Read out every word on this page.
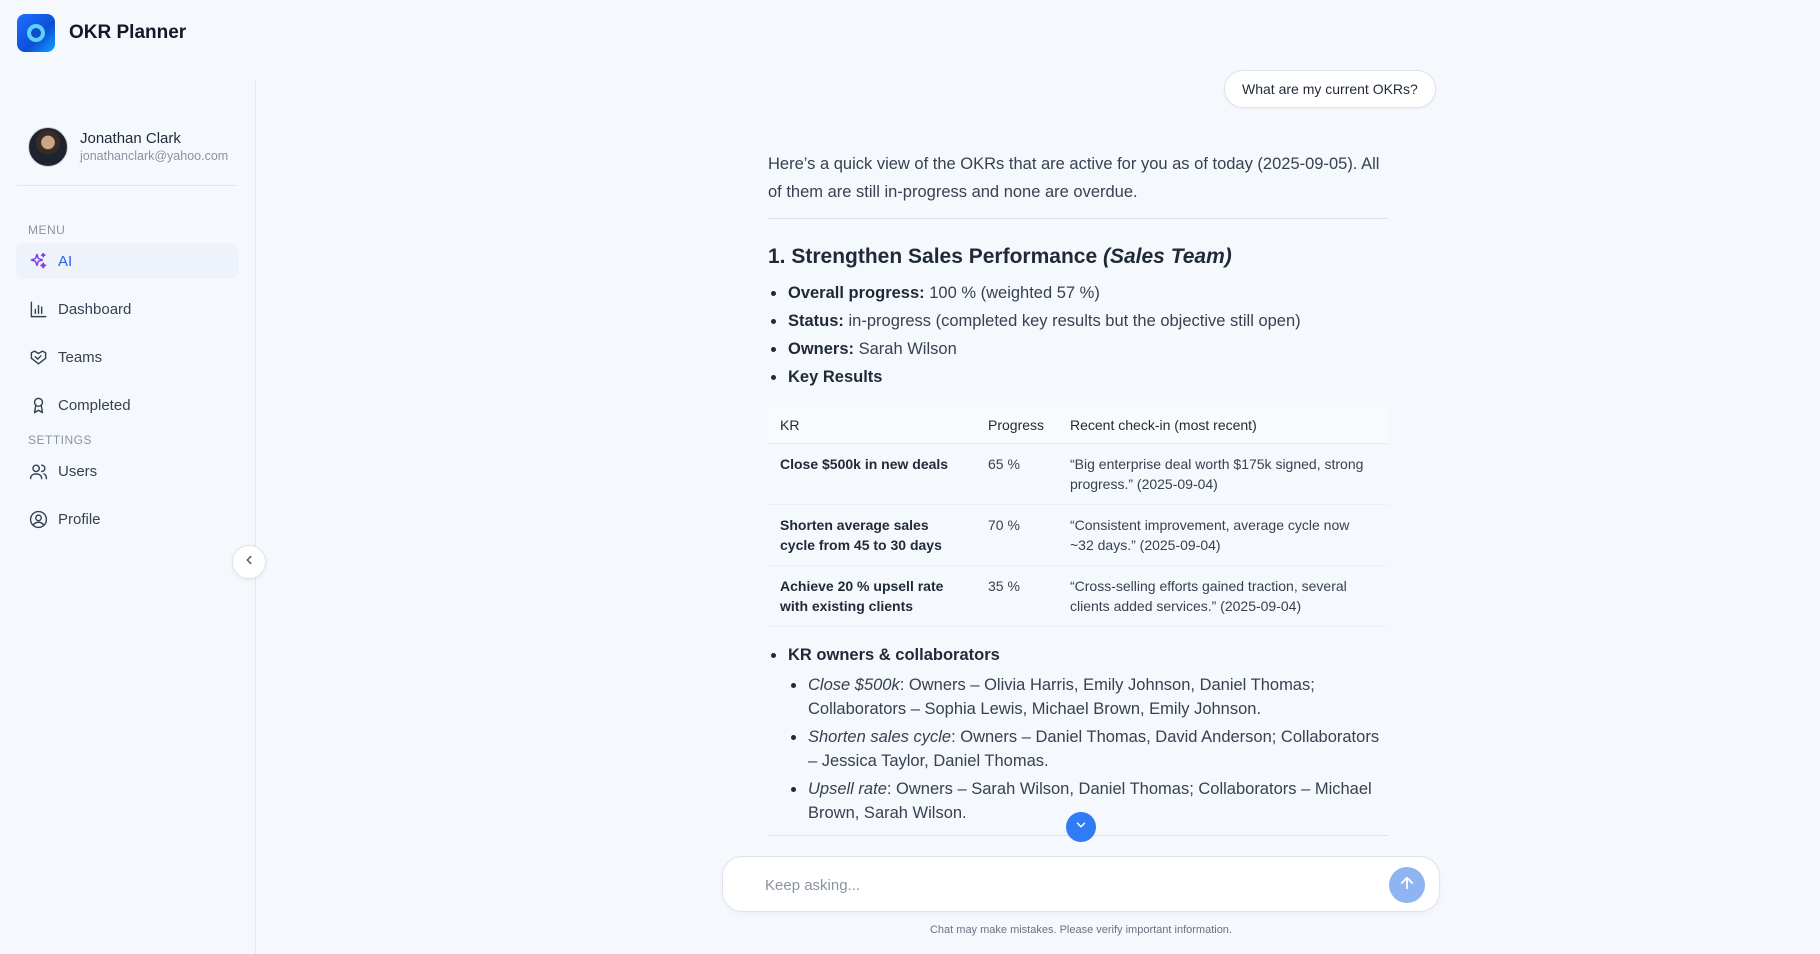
OKR Planner
Jonathan Clark
jonathanclark@yahoo.com
MENU
AI
Dashboard
Teams
Completed
SETTINGS
Users
Profile
What are my current OKRs?
Here’s a quick view of the OKRs that are active for you as of today (2025-09-05). All of them are still in-progress and none are overdue.
1. Strengthen Sales Performance (Sales Team)
Overall progress: 100 % (weighted 57 %)
Status: in-progress (completed key results but the objective still open)
Owners: Sarah Wilson
Key Results
KR	Progress	Recent check-in (most recent)
Close $500k in new deals	65 %	“Big enterprise deal worth $175k signed, strong progress.” (2025-09-04)
Shorten average sales cycle from 45 to 30 days	70 %	“Consistent improvement, average cycle now ~32 days.” (2025-09-04)
Achieve 20 % upsell rate with existing clients	35 %	“Cross-selling efforts gained traction, several clients added services.” (2025-09-04)
KR owners & collaborators
Close $500k: Owners – Olivia Harris, Emily Johnson, Daniel Thomas; Collaborators – Sophia Lewis, Michael Brown, Emily Johnson.
Shorten sales cycle: Owners – Daniel Thomas, David Anderson; Collaborators – Jessica Taylor, Daniel Thomas.
Upsell rate: Owners – Sarah Wilson, Daniel Thomas; Collaborators – Michael Brown, Sarah Wilson.
Keep asking...
Chat may make mistakes. Please verify important information.
